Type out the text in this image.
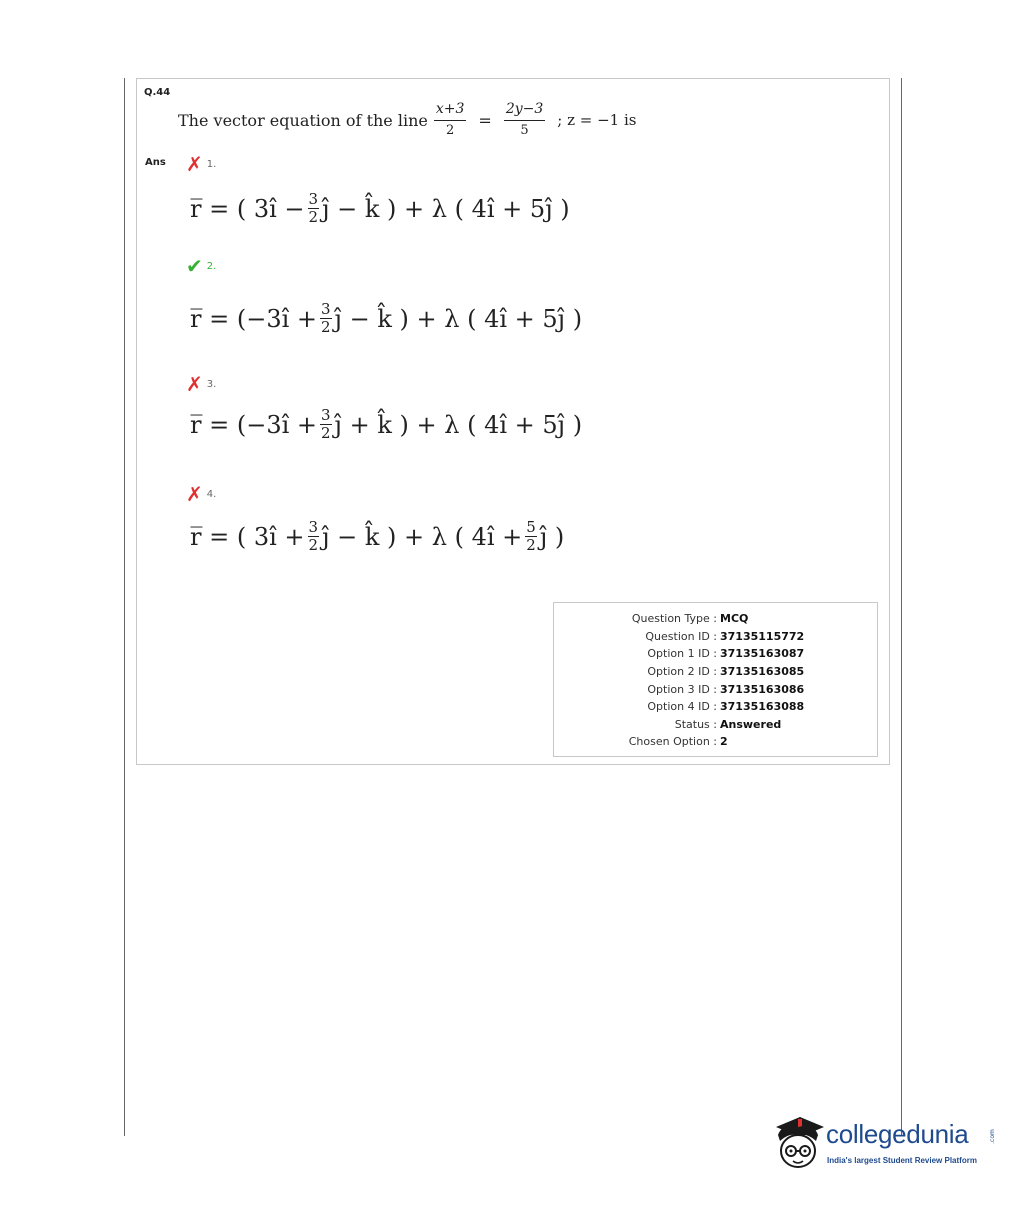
Q.44
The vector equation of the line $\frac{x+3}{2} = \frac{2y-3}{5}$ ; z = −1 is
Ans ✗ 1.
r̅ = ( 3î − $\frac{3}{2}$ ĵ − k̂ ) + λ ( 4î + 5ĵ )
✔ 2.
r̅ = (−3î + $\frac{3}{2}$ ĵ − k̂ ) + λ ( 4î + 5ĵ )
✗ 3.
r̅ = (−3î + $\frac{3}{2}$ ĵ + k̂ ) + λ ( 4î + 5ĵ )
✗ 4.
r̅ = ( 3î + $\frac{3}{2}$ ĵ − k̂ ) + λ ( 4î + $\frac{5}{2}$ ĵ )
Question Type :	MCQ
Question ID :	37135115772
Option 1 ID :	37135163087
Option 2 ID :	37135163085
Option 3 ID :	37135163086
Option 4 ID :	37135163088
Status :	Answered
Chosen Option :	2
collegedunia	.com
India's largest Student Review Platform
